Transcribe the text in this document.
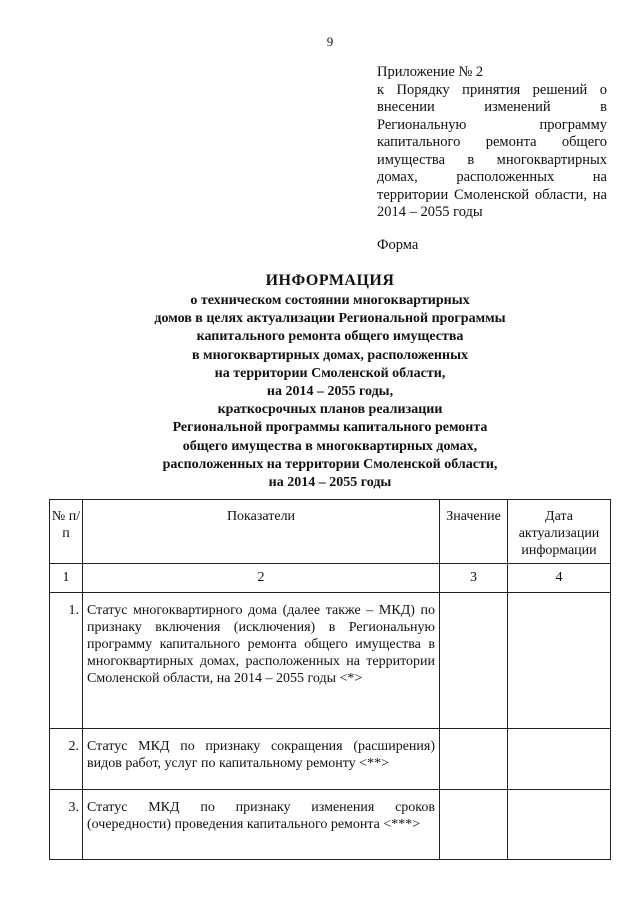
9
Приложение № 2
к Порядку принятия решений о внесении изменений в Региональную программу капитального ремонта общего имущества в многоквартирных домах, расположенных на территории Смоленской области, на 2014 – 2055 годы
Форма
ИНФОРМАЦИЯ
о техническом состоянии многоквартирных
домов в целях актуализации Региональной программы
капитального ремонта общего имущества
в многоквартирных домах, расположенных
на территории Смоленской области,
на 2014 – 2055 годы,
краткосрочных планов реализации
Региональной программы капитального ремонта
общего имущества в многоквартирных домах,
расположенных на территории Смоленской области,
на 2014 – 2055 годы
№ п/п	Показатели	Значение	Дата актуализации информации
1	2	3	4
1.	Статус многоквартирного дома (далее также – МКД) по признаку включения (исключения) в Региональную программу капитального ремонта общего имущества в многоквартирных домах, расположенных на территории Смоленской области, на 2014 – 2055 годы <*>		
2.	Статус МКД по признаку сокращения (расширения) видов работ, услуг по капитальному ремонту <**>		
3.	Статус МКД по признаку изменения сроков (очередности) проведения капитального ремонта <***>		
